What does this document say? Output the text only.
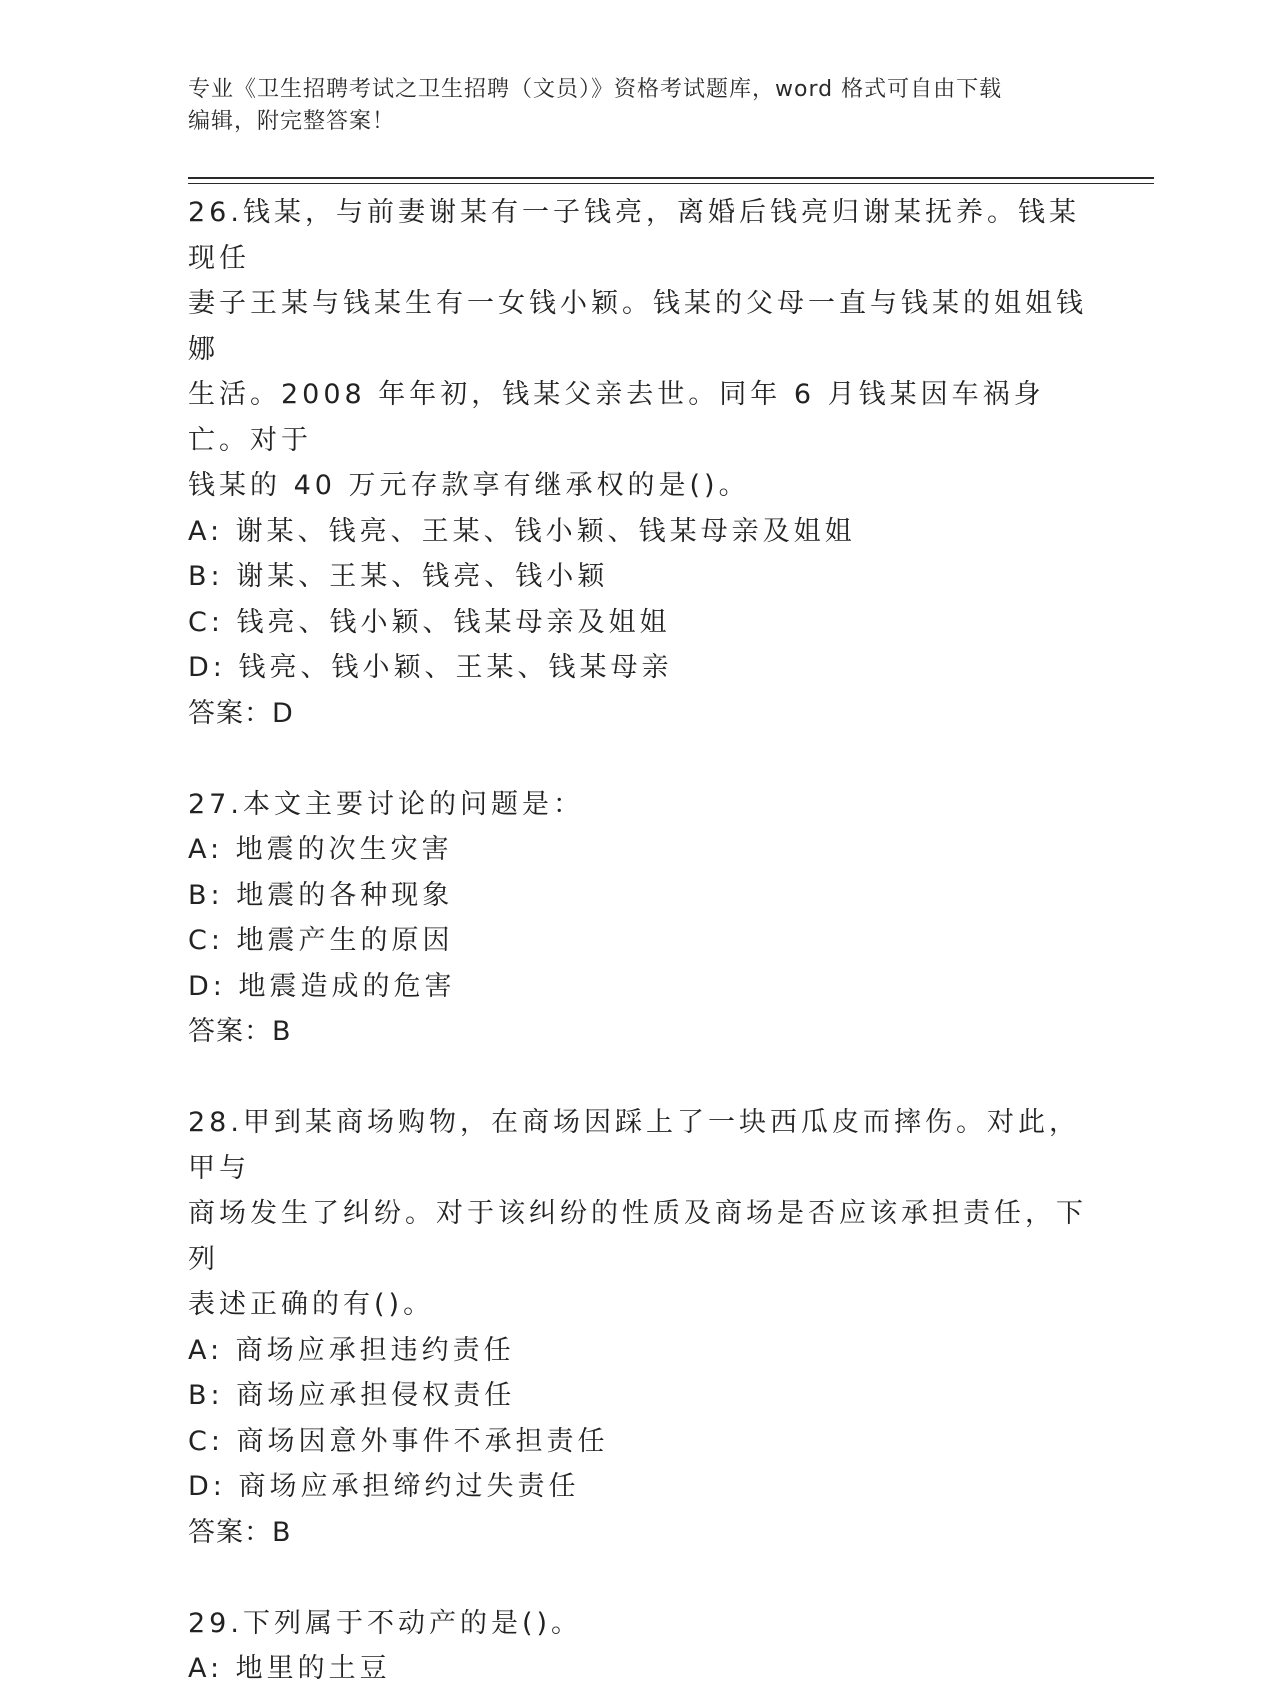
专业《卫生招聘考试之卫生招聘（文员）》资格考试题库，word 格式可自由下载
编辑，附完整答案！

26.钱某，与前妻谢某有一子钱亮，离婚后钱亮归谢某抚养。钱某现任

妻子王某与钱某生有一女钱小颖。钱某的父母一直与钱某的姐姐钱娜

生活。2008 年年初，钱某父亲去世。同年 6 月钱某因车祸身亡。对于

钱某的 40 万元存款享有继承权的是()。

A: 谢某、钱亮、王某、钱小颖、钱某母亲及姐姐

B: 谢某、王某、钱亮、钱小颖

C: 钱亮、钱小颖、钱某母亲及姐姐

D: 钱亮、钱小颖、王某、钱某母亲

答案：D

27.本文主要讨论的问题是：

A: 地震的次生灾害

B: 地震的各种现象

C: 地震产生的原因

D: 地震造成的危害

答案：B

28.甲到某商场购物，在商场因踩上了一块西瓜皮而摔伤。对此，甲与

商场发生了纠纷。对于该纠纷的性质及商场是否应该承担责任，下列

表述正确的有()。

A: 商场应承担违约责任

B: 商场应承担侵权责任

C: 商场因意外事件不承担责任

D: 商场应承担缔约过失责任

答案：B

29.下列属于不动产的是()。

A: 地里的土豆
